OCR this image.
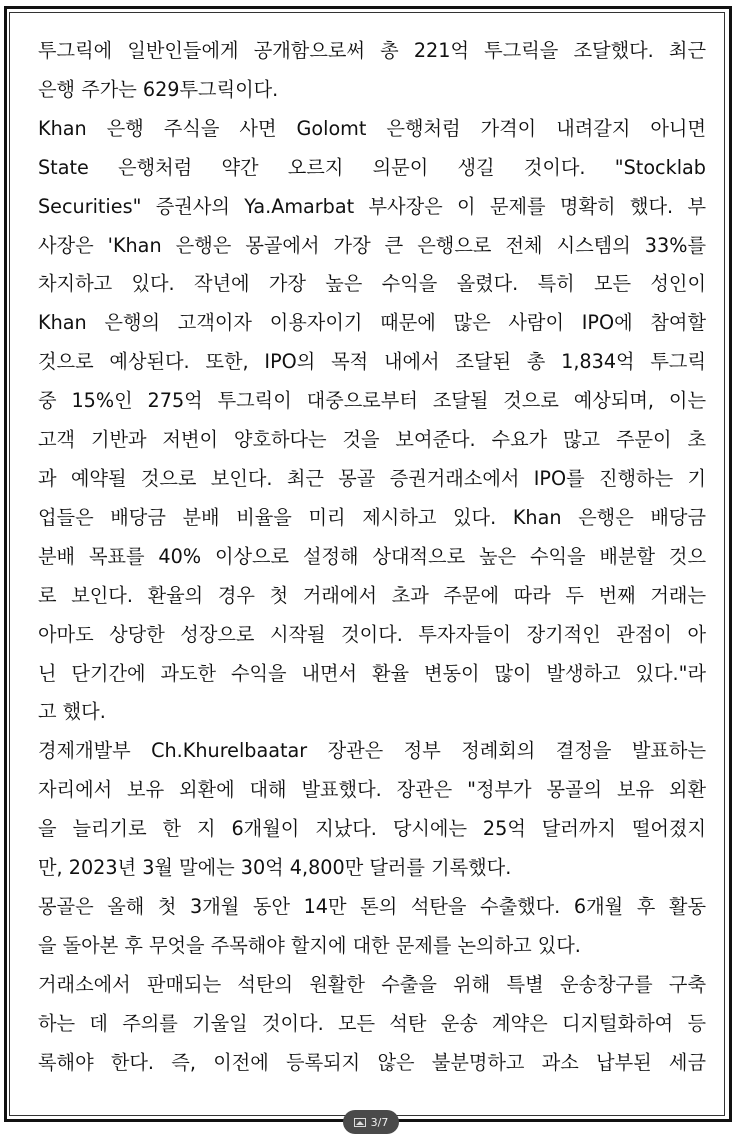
투그릭에 일반인들에게 공개함으로써 총 221억 투그릭을 조달했다. 최근

은행 주가는 629투그릭이다.

Khan 은행 주식을 사면 Golomt 은행처럼 가격이 내려갈지 아니면

State 은행처럼 약간 오르지 의문이 생길 것이다. "Stocklab

Securities" 증권사의 Ya.Amarbat 부사장은 이 문제를 명확히 했다. 부

사장은 'Khan 은행은 몽골에서 가장 큰 은행으로 전체 시스템의 33%를

차지하고 있다. 작년에 가장 높은 수익을 올렸다. 특히 모든 성인이

Khan 은행의 고객이자 이용자이기 때문에 많은 사람이 IPO에 참여할

것으로 예상된다. 또한, IPO의 목적 내에서 조달된 총 1,834억 투그릭

중 15%인 275억 투그릭이 대중으로부터 조달될 것으로 예상되며, 이는

고객 기반과 저변이 양호하다는 것을 보여준다. 수요가 많고 주문이 초

과 예약될 것으로 보인다. 최근 몽골 증권거래소에서 IPO를 진행하는 기

업들은 배당금 분배 비율을 미리 제시하고 있다. Khan 은행은 배당금

분배 목표를 40% 이상으로 설정해 상대적으로 높은 수익을 배분할 것으

로 보인다. 환율의 경우 첫 거래에서 초과 주문에 따라 두 번째 거래는

아마도 상당한 성장으로 시작될 것이다. 투자자들이 장기적인 관점이 아

닌 단기간에 과도한 수익을 내면서 환율 변동이 많이 발생하고 있다."라

고 했다.

경제개발부 Ch.Khurelbaatar 장관은 정부 정례회의 결정을 발표하는

자리에서 보유 외환에 대해 발표했다. 장관은 "정부가 몽골의 보유 외환

을 늘리기로 한 지 6개월이 지났다. 당시에는 25억 달러까지 떨어졌지

만, 2023년 3월 말에는 30억 4,800만 달러를 기록했다.

몽골은 올해 첫 3개월 동안 14만 톤의 석탄을 수출했다. 6개월 후 활동

을 돌아본 후 무엇을 주목해야 할지에 대한 문제를 논의하고 있다.

거래소에서 판매되는 석탄의 원활한 수출을 위해 특별 운송창구를 구축

하는 데 주의를 기울일 것이다. 모든 석탄 운송 계약은 디지털화하여 등

록해야 한다. 즉, 이전에 등록되지 않은 불분명하고 과소 납부된 세금

3/7
